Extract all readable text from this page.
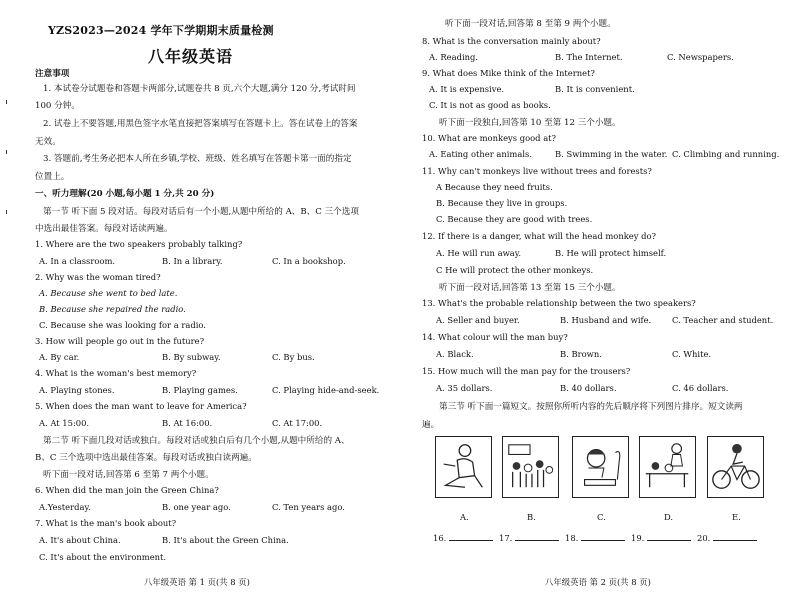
YZS2023—2024 学年下学期期末质量检测
八年级英语
注意事项
1. 本试卷分试题卷和答题卡两部分,试题卷共 8 页,六个大题,满分 120 分,考试时间
100 分钟。
2. 试卷上不要答题,用黑色签字水笔直接把答案填写在答题卡上。答在试卷上的答案
无效。
3. 答题前,考生务必把本人所在乡镇,学校、班级、姓名填写在答题卡第一面的指定
位置上。
一、听力理解(20 小题,每小题 1 分,共 20 分)
第一节 听下面 5 段对话。每段对话后有一个小题,从题中所给的 A、B、C 三个选项
中选出最佳答案。每段对话读两遍。
1. Where are the two speakers probably talking?
A. In a classroom.	B. In a library.	C. In a bookshop.
2. Why was the woman tired?
A. Because she went to bed late.
B. Because she repaired the radio.
C. Because she was looking for a radio.
3. How will people go out in the future?
A. By car.	B. By subway.	C. By bus.
4. What is the woman's best memory?
A. Playing stones.	B. Playing games.	C. Playing hide-and-seek.
5. When does the man want to leave for America?
A. At 15:00.	B. At 16:00.	C. At 17:00.
第二节 听下面几段对话或独白。每段对话或独白后有几个小题,从题中所给的 A、
B、C 三个选项中选出最佳答案。每段对话或独白读两遍。
听下面一段对话,回答第 6 至第 7 两个小题。
6. When did the man join the Green China?
A.Yesterday.	B. one year ago.	C. Ten years ago.
7. What is the man's book about?
A. It's about China.	B. It's about the Green China.
C. It's about the environment.
八年级英语 第 1 页(共 8 页)
听下面一段对话,回答第 8 至第 9 两个小题。
8. What is the conversation mainly about?
A. Reading.	B. The Internet.	C. Newspapers.
9. What does Mike think of the Internet?
A. It is expensive.	B. It is convenient.
C. It is not as good as books.
听下面一段独白,回答第 10 至第 12 三个小题。
10. What are monkeys good at?
A. Eating other animals.	B. Swimming in the water. C. Climbing and running.
11. Why can't monkeys live without trees and forests?
A Because they need fruits.
B. Because they live in groups.
C. Because they are good with trees.
12. If there is a danger, what will the head monkey do?
A. He will run away.	B. He will protect himself.
C He will protect the other monkeys.
听下面一段对话,回答第 13 至第 15 三个小题。
13. What's the probable relationship between the two speakers?
A. Seller and buyer.	B. Husband and wife. C. Teacher and student.
14. What colour will the man buy?
A. Black.	B. Brown.	C. White.
15. How much will the man pay for the trousers?
A. 35 dollars.	B. 40 dollars.	C. 46 dollars.
第三节 听下面一篇短文。按照你所听内容的先后顺序将下列图片排序。短文读两
遍。
A.	B.	C.	D.	E.
16.	17.	18.	19.	20.
八年级英语 第 2 页(共 8 页)
